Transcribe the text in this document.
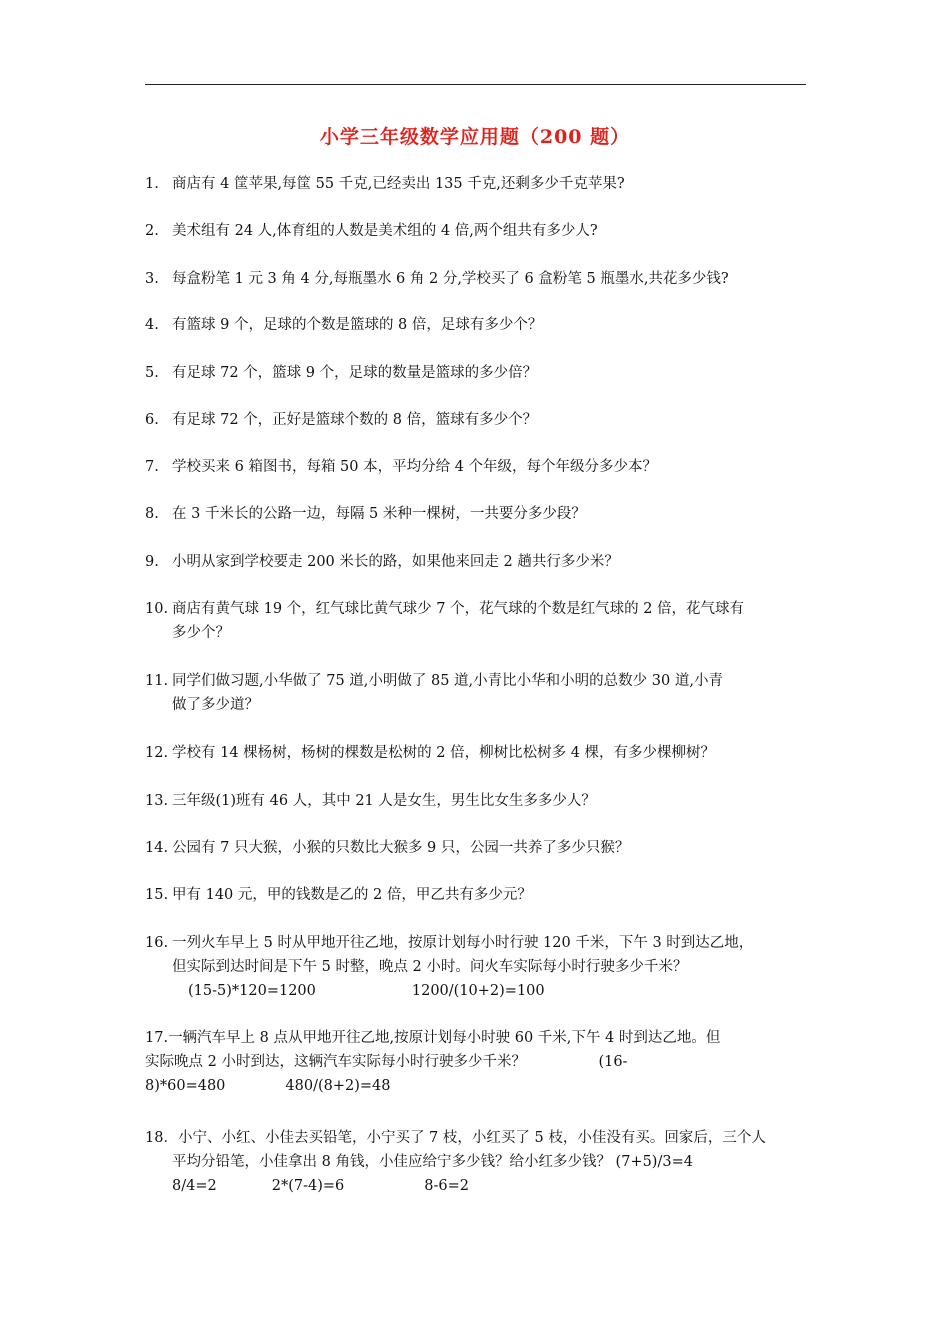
小学三年级数学应用题（200 题）
1. 商店有 4 筐苹果,每筐 55 千克,已经卖出 135 千克,还剩多少千克苹果?
2. 美术组有 24 人,体育组的人数是美术组的 4 倍,两个组共有多少人?
3. 每盒粉笔 1 元 3 角 4 分,每瓶墨水 6 角 2 分,学校买了 6 盒粉笔 5 瓶墨水,共花多少钱?
4. 有篮球 9 个，足球的个数是篮球的 8 倍，足球有多少个？
5. 有足球 72 个，篮球 9 个，足球的数量是篮球的多少倍？
6. 有足球 72 个，正好是篮球个数的 8 倍，篮球有多少个？
7. 学校买来 6 箱图书，每箱 50 本，平均分给 4 个年级，每个年级分多少本？
8. 在 3 千米长的公路一边，每隔 5 米种一棵树，一共要分多少段？
9. 小明从家到学校要走 200 米长的路，如果他来回走 2 趟共行多少米？
10. 商店有黄气球 19 个，红气球比黄气球少 7 个，花气球的个数是红气球的 2 倍，花气球有
多少个？
11. 同学们做习题,小华做了 75 道,小明做了 85 道,小青比小华和小明的总数少 30 道,小青
做了多少道？
12. 学校有 14 棵杨树，杨树的棵数是松树的 2 倍，柳树比松树多 4 棵，有多少棵柳树？
13. 三年级(1)班有 46 人，其中 21 人是女生，男生比女生多多少人？
14. 公园有 7 只大猴，小猴的只数比大猴多 9 只，公园一共养了多少只猴？
15. 甲有 140 元，甲的钱数是乙的 2 倍，甲乙共有多少元？
16. 一列火车早上 5 时从甲地开往乙地，按原计划每小时行驶 120 千米，下午 3 时到达乙地，
但实际到达时间是下午 5 时整，晚点 2 小时。问火车实际每小时行驶多少千米？
(15-5)*120=1200	1200/(10+2)=100
17.一辆汽车早上 8 点从甲地开往乙地,按原计划每小时驶 60 千米,下午 4 时到达乙地。但
实际晚点 2 小时到达，这辆汽车实际每小时行驶多少千米？　　　　　(16-
8)*60=480	480/(8+2)=48
18．小宁、小红、小佳去买铅笔，小宁买了 7 枝，小红买了 5 枝，小佳没有买。回家后，三个人
平均分铅笔，小佳拿出 8 角钱，小佳应给宁多少钱？给小红多少钱？ (7+5)/3=4
8/4=2	2*(7-4)=6	8-6=2
